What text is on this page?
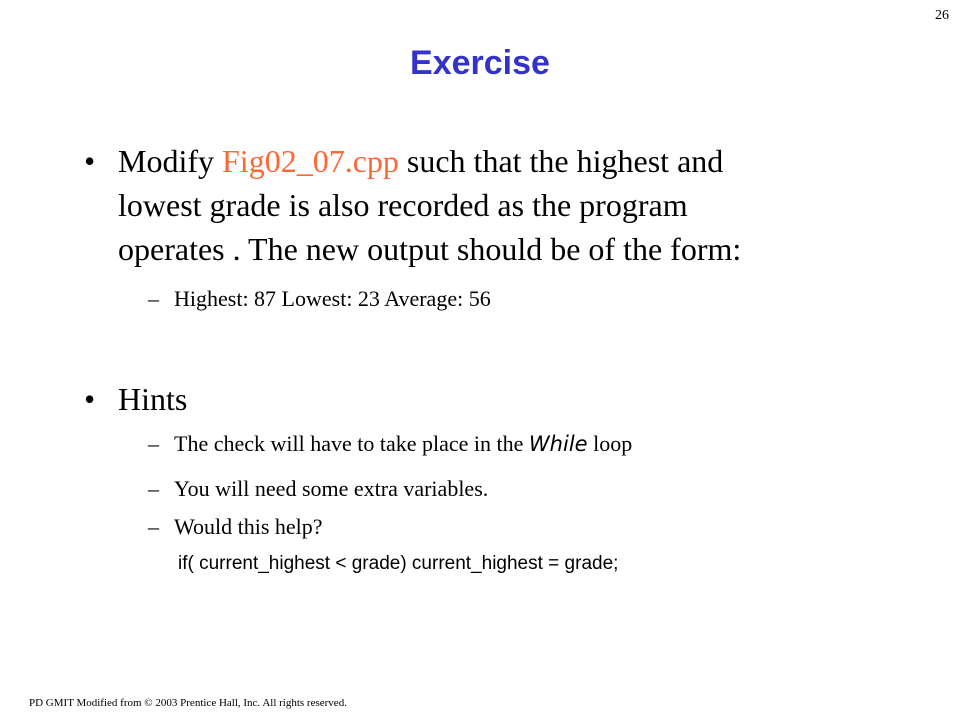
26
Exercise
• Modify Fig02_07.cpp such that the highest and
lowest grade is also recorded as the program
operates . The new output should be of the form:
– Highest: 87 Lowest: 23 Average: 56
• Hints
– The check will have to take place in the While loop
– You will need some extra variables.
– Would this help?
if( current_highest < grade) current_highest = grade;
PD GMIT Modified from © 2003 Prentice Hall, Inc. All rights reserved.
